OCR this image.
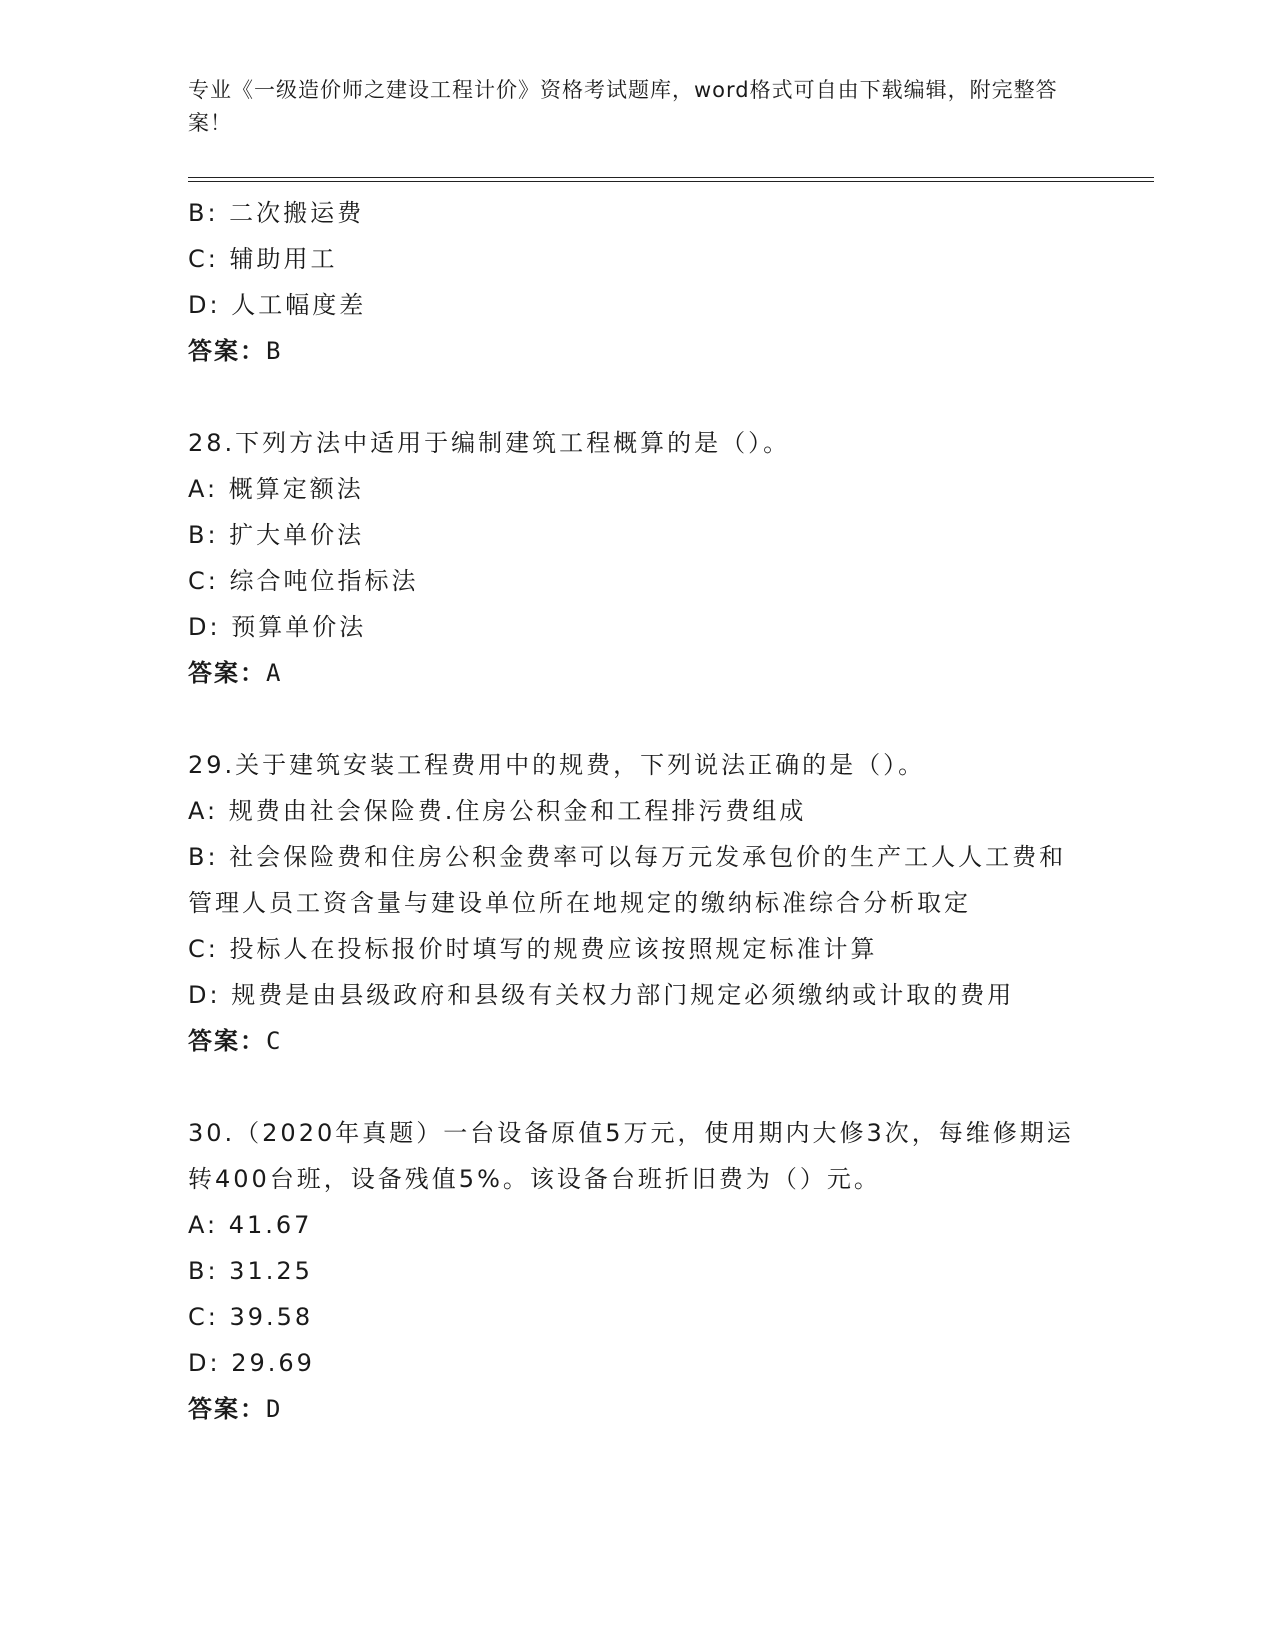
专业《一级造价师之建设工程计价》资格考试题库，word格式可自由下载编辑，附完整答案！
B: 二次搬运费
C: 辅助用工
D: 人工幅度差
答案：B
28.下列方法中适用于编制建筑工程概算的是（）。
A: 概算定额法
B: 扩大单价法
C: 综合吨位指标法
D: 预算单价法
答案：A
29.关于建筑安装工程费用中的规费，下列说法正确的是（）。
A: 规费由社会保险费.住房公积金和工程排污费组成
B: 社会保险费和住房公积金费率可以每万元发承包价的生产工人人工费和管理人员工资含量与建设单位所在地规定的缴纳标准综合分析取定
C: 投标人在投标报价时填写的规费应该按照规定标准计算
D: 规费是由县级政府和县级有关权力部门规定必须缴纳或计取的费用
答案：C
30.（2020年真题）一台设备原值5万元，使用期内大修3次，每维修期运转400台班，设备残值5%。该设备台班折旧费为（）元。
A: 41.67
B: 31.25
C: 39.58
D: 29.69
答案：D
